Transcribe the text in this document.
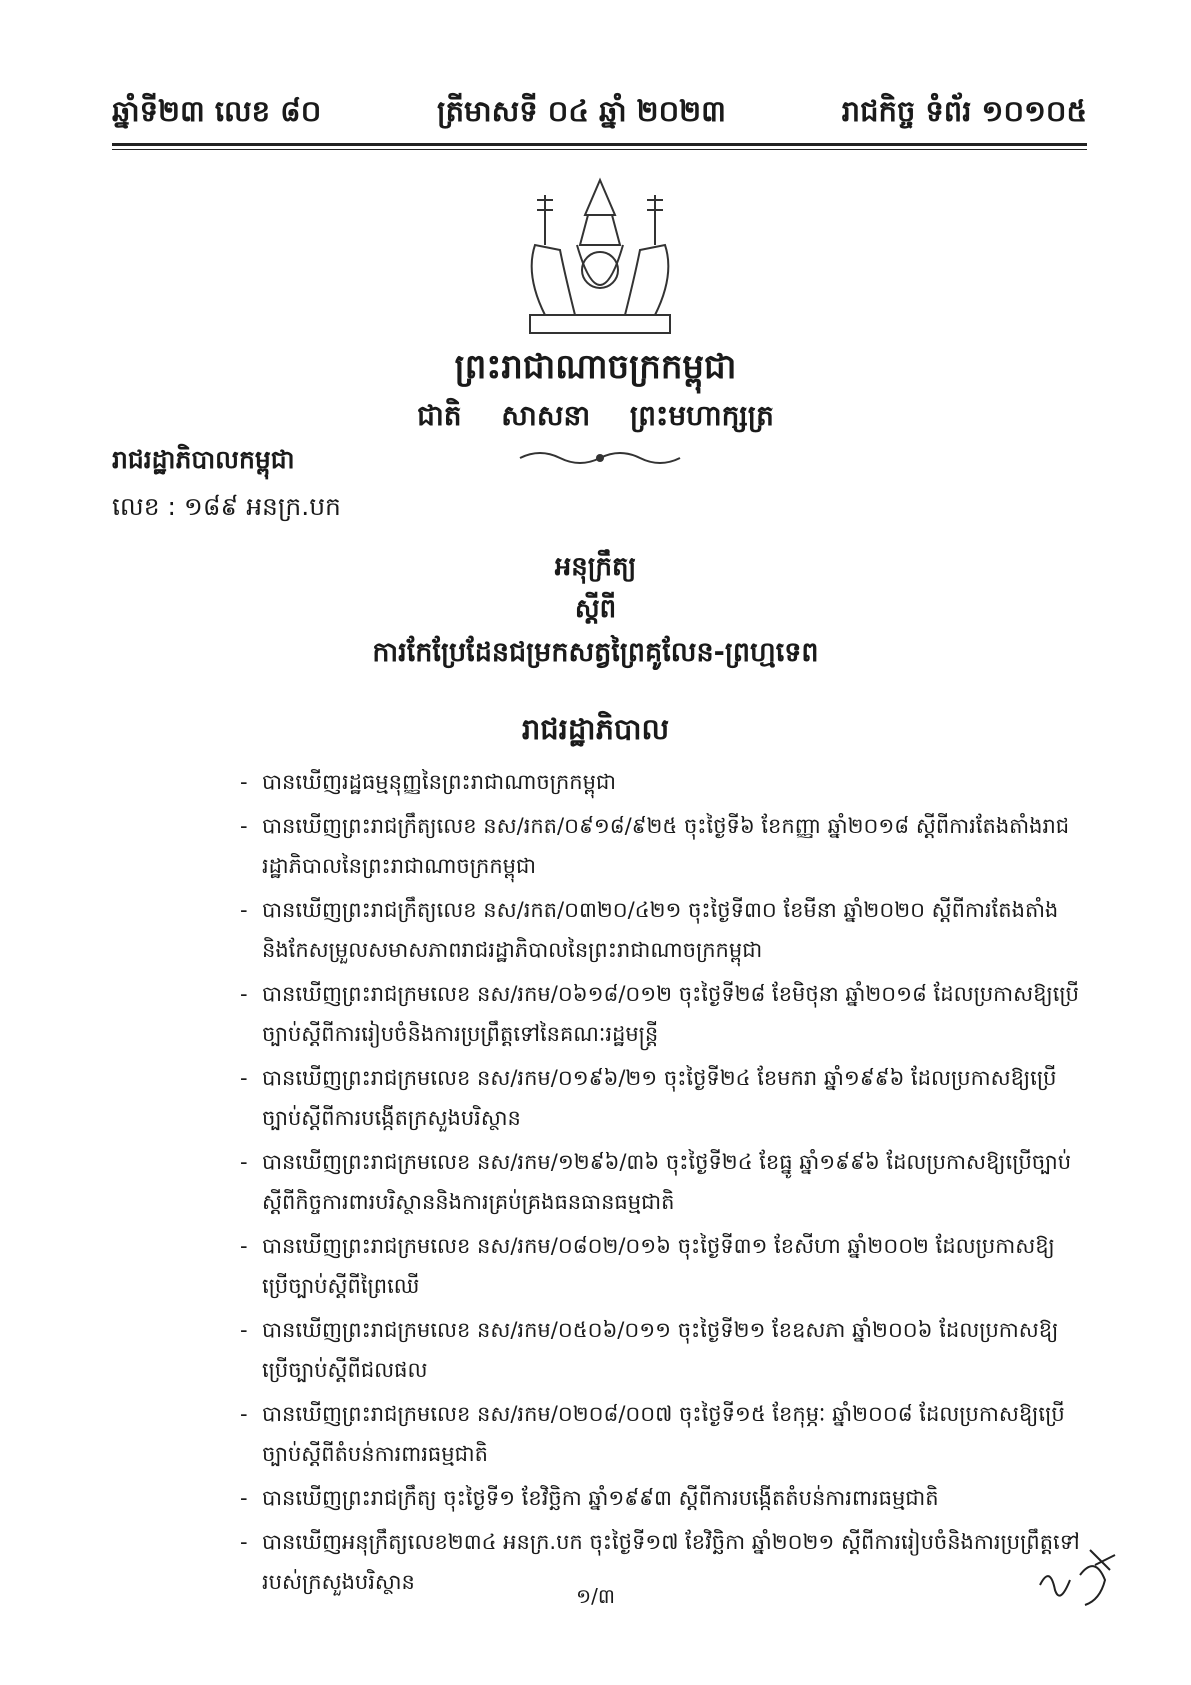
ឆ្នាំទី២៣ លេខ ៨០	ត្រីមាសទី ០៤ ឆ្នាំ ២០២៣	រាជកិច្ច ទំព័រ ១០១០៥
ព្រះរាជាណាចក្រកម្ពុជា
ជាតិ សាសនា ព្រះមហាក្សត្រ
រាជរដ្ឋាភិបាលកម្ពុជា
លេខ : ១៨៩ អនក្រ.បក
អនុក្រឹត្យ
ស្តីពី
ការកែប្រែដែនជម្រកសត្វព្រៃគូលែន-ព្រហ្មទេព
រាជរដ្ឋាភិបាល
- បានឃើញរដ្ឋធម្មនុញ្ញនៃព្រះរាជាណាចក្រកម្ពុជា
- បានឃើញព្រះរាជក្រឹត្យលេខ នស/រកត/០៩១៨/៩២៥ ចុះថ្ងៃទី៦ ខែកញ្ញា ឆ្នាំ២០១៨ ស្តីពីការតែងតាំងរាជរដ្ឋាភិបាលនៃព្រះរាជាណាចក្រកម្ពុជា
- បានឃើញព្រះរាជក្រឹត្យលេខ នស/រកត/០៣២០/៤២១ ចុះថ្ងៃទី៣០ ខែមីនា ឆ្នាំ២០២០ ស្តីពីការតែងតាំងនិងកែសម្រួលសមាសភាពរាជរដ្ឋាភិបាលនៃព្រះរាជាណាចក្រកម្ពុជា
- បានឃើញព្រះរាជក្រមលេខ នស/រកម/០៦១៨/០១២ ចុះថ្ងៃទី២៨ ខែមិថុនា ឆ្នាំ២០១៨ ដែលប្រកាសឱ្យប្រើច្បាប់ស្តីពីការរៀបចំនិងការប្រព្រឹត្តទៅនៃគណៈរដ្ឋមន្ត្រី
- បានឃើញព្រះរាជក្រមលេខ នស/រកម/០១៩៦/២១ ចុះថ្ងៃទី២៤ ខែមករា ឆ្នាំ១៩៩៦ ដែលប្រកាសឱ្យប្រើច្បាប់ស្តីពីការបង្កើតក្រសួងបរិស្ថាន
- បានឃើញព្រះរាជក្រមលេខ នស/រកម/១២៩៦/៣៦ ចុះថ្ងៃទី២៤ ខែធ្នូ ឆ្នាំ១៩៩៦ ដែលប្រកាសឱ្យប្រើច្បាប់ស្តីពីកិច្ចការពារបរិស្ថាននិងការគ្រប់គ្រងធនធានធម្មជាតិ
- បានឃើញព្រះរាជក្រមលេខ នស/រកម/០៨០២/០១៦ ចុះថ្ងៃទី៣១ ខែសីហា ឆ្នាំ២០០២ ដែលប្រកាសឱ្យប្រើច្បាប់ស្តីពីព្រៃឈើ
- បានឃើញព្រះរាជក្រមលេខ នស/រកម/០៥០៦/០១១ ចុះថ្ងៃទី២១ ខែឧសភា ឆ្នាំ២០០៦ ដែលប្រកាសឱ្យប្រើច្បាប់ស្តីពីជលផល
- បានឃើញព្រះរាជក្រមលេខ នស/រកម/០២០៨/០០៧ ចុះថ្ងៃទី១៥ ខែកុម្ភៈ ឆ្នាំ២០០៨ ដែលប្រកាសឱ្យប្រើច្បាប់ស្តីពីតំបន់ការពារធម្មជាតិ
- បានឃើញព្រះរាជក្រឹត្យ ចុះថ្ងៃទី១ ខែវិច្ឆិកា ឆ្នាំ១៩៩៣ ស្តីពីការបង្កើតតំបន់ការពារធម្មជាតិ
- បានឃើញអនុក្រឹត្យលេខ២៣៤ អនក្រ.បក ចុះថ្ងៃទី១៧ ខែវិច្ឆិកា ឆ្នាំ២០២១ ស្តីពីការរៀបចំនិងការប្រព្រឹត្តទៅរបស់ក្រសួងបរិស្ថាន
១/៣
